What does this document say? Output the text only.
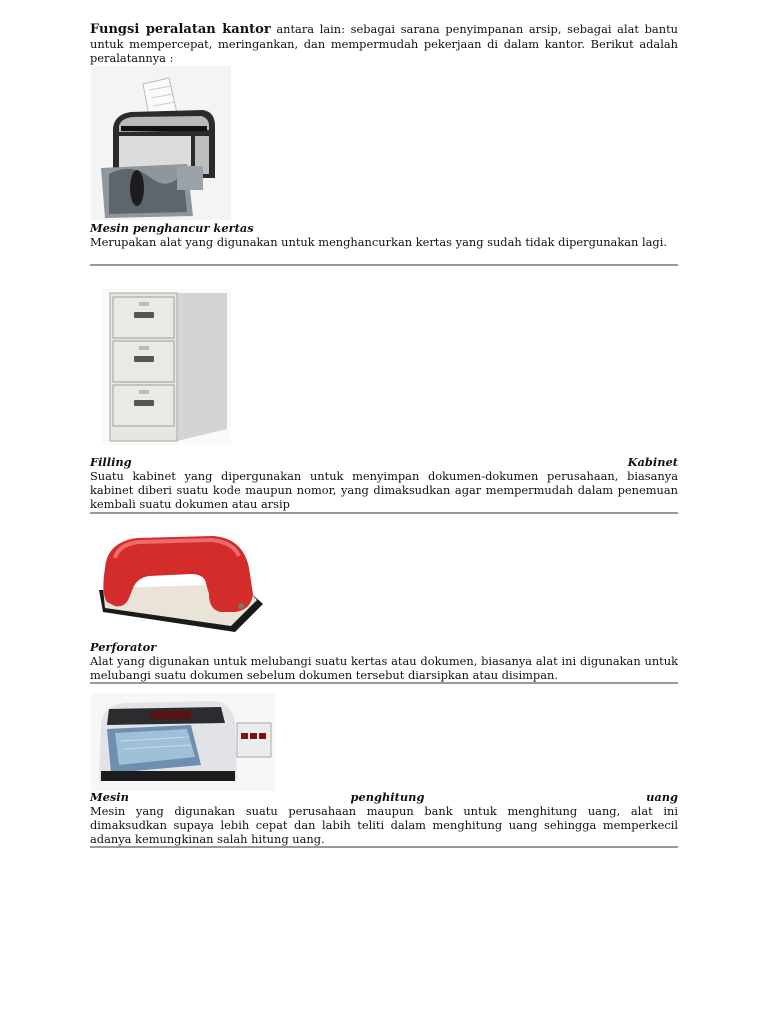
Fungsi peralatan kantor antara lain: sebagai sarana penyimpanan arsip, sebagai alat bantu untuk mempercepat, meringankan, dan mempermudah pekerjaan di dalam kantor. Berikut adalah peralatannya :

Mesin penghancur kertas

Merupakan alat yang digunakan untuk menghancurkan kertas yang sudah tidak dipergunakan lagi.

Filling	Kabinet

Suatu kabinet yang dipergunakan untuk menyimpan dokumen-dokumen perusahaan, biasanya kabinet diberi suatu kode maupun nomor, yang dimaksudkan agar mempermudah dalam penemuan kembali suatu dokumen atau arsip

Perforator

Alat yang digunakan untuk melubangi suatu kertas atau dokumen, biasanya alat ini digunakan untuk melubangi suatu dokumen sebelum dokumen tersebut diarsipkan atau disimpan.

Mesin	penghitung	uang

Mesin yang digunakan suatu perusahaan maupun bank untuk menghitung uang, alat ini dimaksudkan supaya lebih cepat dan labih teliti dalam menghitung uang sehingga memperkecil adanya kemungkinan salah hitung uang.
